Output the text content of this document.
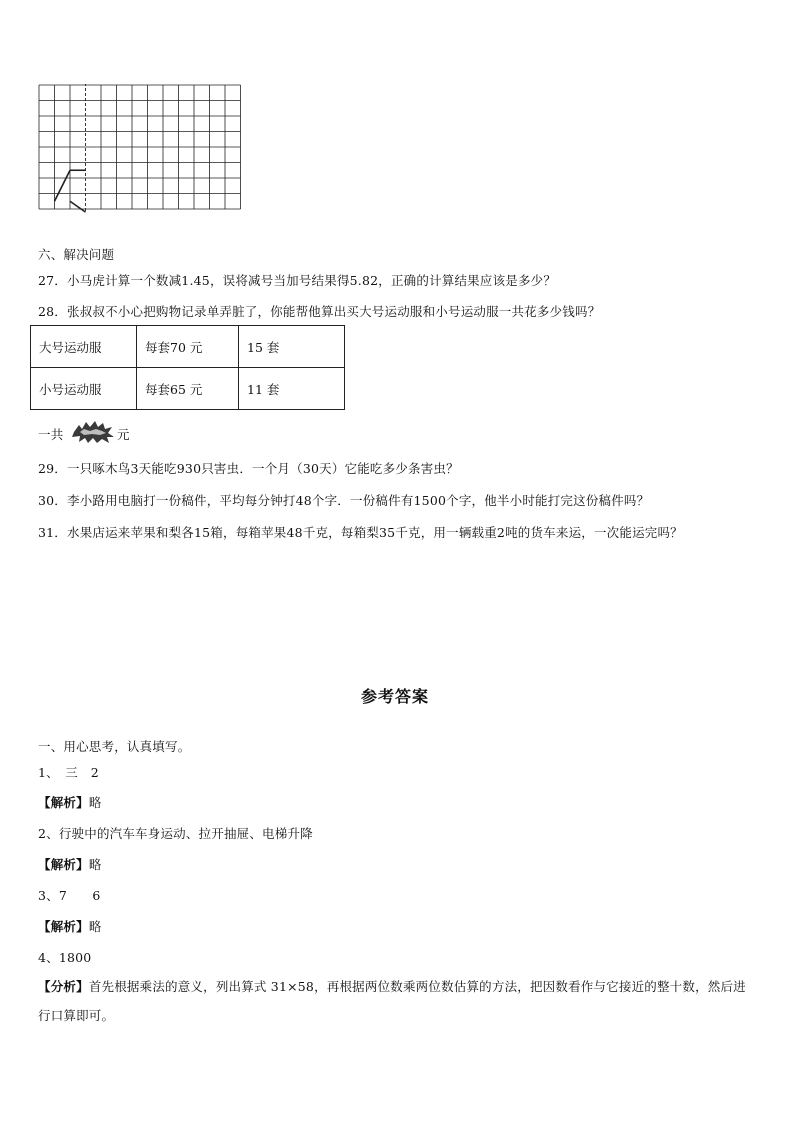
六、解决问题
27．小马虎计算一个数减1.45，误将减号当加号结果得5.82，正确的计算结果应该是多少？
28．张叔叔不小心把购物记录单弄脏了，你能帮他算出买大号运动服和小号运动服一共花多少钱吗？
大号运动服	每套70 元	15 套
小号运动服	每套65 元	11 套
一共	元
29．一只啄木鸟3天能吃930只害虫．一个月（30天）它能吃多少条害虫？
30．李小路用电脑打一份稿件，平均每分钟打48个字．一份稿件有1500个字，他半小时能打完这份稿件吗？
31．水果店运来苹果和梨各15箱，每箱苹果48千克，每箱梨35千克，用一辆载重2吨的货车来运，一次能运完吗？
参考答案
一、用心思考，认真填写。
1、　三　2
【解析】略
2、行驶中的汽车车身运动、拉开抽屉、电梯升降
【解析】略
3、7　　6
【解析】略
4、1800
【分析】首先根据乘法的意义，列出算式 31×58，再根据两位数乘两位数估算的方法，把因数看作与它接近的整十数，然后进行口算即可。
